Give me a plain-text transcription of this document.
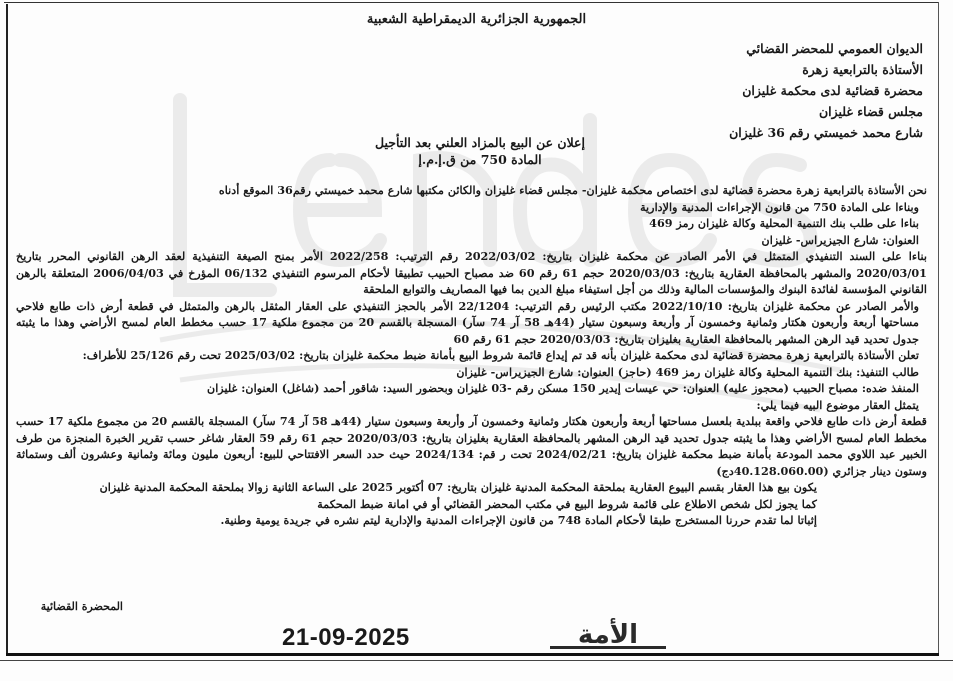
الجمهورية الجزائرية الديمقراطية الشعبية
الديوان العمومي للمحضر القضائي
الأستاذة بالترابعية زهرة
محضرة قضائية لدى محكمة غليزان
مجلس قضاء غليزان
شارع محمد خميستي رقم 36 غليزان
إعلان عن البيع بالمزاد العلني بعد التأجيل
المادة 750 من ق.إ.م.إ

نحن الأستاذة بالترابعية زهرة محضرة قضائية لدى اختصاص محكمة غليزان- مجلس قضاء غليزان والكائن مكتبها شارع محمد خميستي رقم36 الموقع أدناه

وبناءا على المادة 750 من قانون الإجراءات المدنية والإدارية

بناءا على طلب بنك التنمية المحلية وكالة غليزان رمز 469

العنوان: شارع الجيزيراس- غليزان

بناءا على السند التنفيذي المتمثل في الأمر الصادر عن محكمة غليزان بتاريخ: 2022/03/02 رقم الترتيب: 2022/258 الأمر بمنح الصيغة التنفيذية لعقد الرهن القانوني المحرر بتاريخ 2020/03/01 والمشهر بالمحافظة العقارية بتاريخ: 2020/03/03 حجم 61 رقم 60 ضد مصباح الحبيب تطبيقا لأحكام المرسوم التنفيذي 06/132 المؤرخ في 2006/04/03 المتعلقة بالرهن القانوني المؤسسة لفائدة البنوك والمؤسسات المالية وذلك من أجل استيفاء مبلغ الدين بما فيها المصاريف والتوابع الملحقة

والأمر الصادر عن محكمة غليزان بتاريخ: 2022/10/10 مكتب الرئيس رقم الترتيب: 22/1204 الأمر بالحجز التنفيذي على العقار المثقل بالرهن والمتمثل في قطعة أرض ذات طابع فلاحي مساحتها أربعة وأربعون هكتار وثمانية وخمسون آر وأربعة وسبعون ستيار (44هـ 58 آر 74 سآر) المسجلة بالقسم 20 من مجموع ملكية 17 حسب مخطط العام لمسح الأراضي وهذا ما يثبته جدول تحديد قيد الرهن المشهر بالمحافظة العقارية بغليزان بتاريخ: 2020/03/03 حجم 61 رقم 60

تعلن الأستاذة بالترابعية زهرة محضرة قضائية لدى محكمة غليزان بأنه قد تم إيداع قائمة شروط البيع بأمانة ضبط محكمة غليزان بتاريخ: 2025/03/02 تحت رقم 25/126 للأطراف:

طالب التنفيذ: بنك التنمية المحلية وكالة غليزان رمز 469 (حاجز) العنوان: شارع الجيزيراس- غليزان

المنفذ ضده: مصباح الحبيب (محجوز عليه) العنوان: حي عيسات إيدير 150 مسكن رقم -03 غليزان وبحضور السيد: شاقور أحمد (شاغل) العنوان: غليزان

يتمثل العقار موضوع البيه فيما يلي:

قطعة أرض ذات طابع فلاحي واقعة ببلدية بلعسل مساحتها أربعة وأربعون هكتار وثمانية وخمسون آر وأربعة وسبعون ستيار (44هـ 58 آر 74 سآر) المسجلة بالقسم 20 من مجموع ملكية 17 حسب مخطط العام لمسح الأراضي وهذا ما يثبته جدول تحديد قيد الرهن المشهر بالمحافظة العقارية بغليزان بتاريخ: 2020/03/03 حجم 61 رقم 59 العقار شاغر حسب تقرير الخبرة المنجزة من طرف الخبير عبد اللاوي محمد المودعة بأمانة ضبط محكمة غليزان بتاريخ: 2024/02/21 تحت ر قم: 2024/134 حيث حدد السعر الافتتاحي للبيع: أربعون مليون ومائة وثمانية وعشرون ألف وستماثة وستون دينار جزائري (40.128.060.00دج)

يكون بيع هذا العقار بقسم البيوع العقارية بملحقة المحكمة المدنية غليزان بتاريخ: 07 أكتوبر 2025 على الساعة الثانية زوالا بملحقة المحكمة المدنية غليزان

كما يجوز لكل شخص الاطلاع على قائمة شروط البيع في مكتب المحضر القضائي أو في امانة ضبط المحكمة

إثباتا لما تقدم حررنا المستخرج طبقا لأحكام المادة 748 من قانون الإجراءات المدنية والإدارية ليتم نشره في جريدة يومية وطنية.

المحضرة القضائية
الأمة
21-09-2025
